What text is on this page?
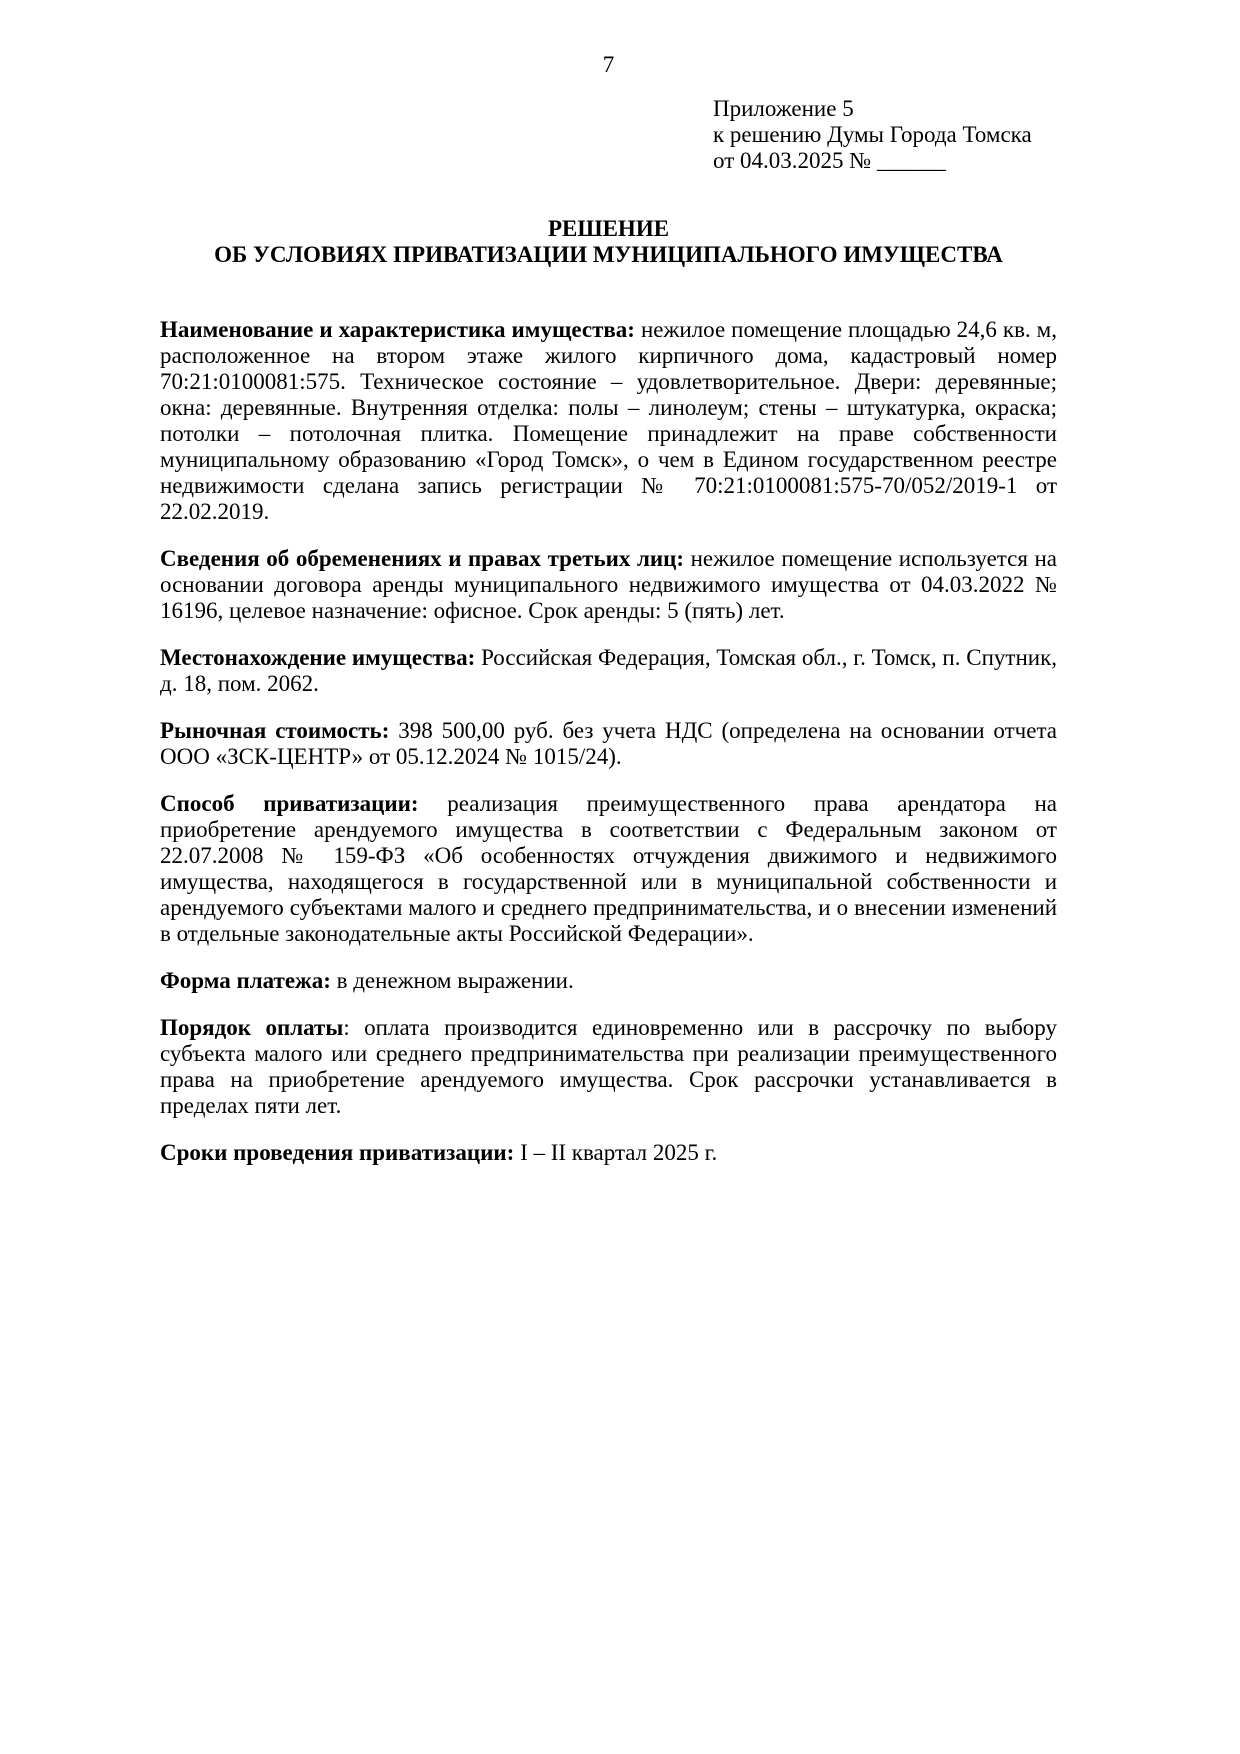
7
Приложение 5
к решению Думы Города Томска
от 04.03.2025 № ______
РЕШЕНИЕ
ОБ УСЛОВИЯХ ПРИВАТИЗАЦИИ МУНИЦИПАЛЬНОГО ИМУЩЕСТВА

Наименование и характеристика имущества: нежилое помещение площадью 24,6 кв. м, расположенное на втором этаже жилого кирпичного дома, кадастровый номер 70:21:0100081:575. Техническое состояние – удовлетворительное. Двери: деревянные; окна: деревянные. Внутренняя отделка: полы – линолеум; стены – штукатурка, окраска; потолки – потолочная плитка. Помещение принадлежит на праве собственности муниципальному образованию «Город Томск», о чем в Едином государственном реестре недвижимости сделана запись регистрации № 70:21:0100081:575-70/052/2019-1 от 22.02.2019.

Сведения об обременениях и правах третьих лиц: нежилое помещение используется на основании договора аренды муниципального недвижимого имущества от 04.03.2022 № 16196, целевое назначение: офисное. Срок аренды: 5 (пять) лет.

Местонахождение имущества: Российская Федерация, Томская обл., г. Томск, п. Спутник, д. 18, пом. 2062.

Рыночная стоимость: 398 500,00 руб. без учета НДС (определена на основании отчета ООО «ЗСК-ЦЕНТР» от 05.12.2024 № 1015/24).

Способ приватизации: реализация преимущественного права арендатора на приобретение арендуемого имущества в соответствии с Федеральным законом от 22.07.2008 № 159-ФЗ «Об особенностях отчуждения движимого и недвижимого имущества, находящегося в государственной или в муниципальной собственности и арендуемого субъектами малого и среднего предпринимательства, и о внесении изменений в отдельные законодательные акты Российской Федерации».

Форма платежа: в денежном выражении.

Порядок оплаты: оплата производится единовременно или в рассрочку по выбору субъекта малого или среднего предпринимательства при реализации преимущественного права на приобретение арендуемого имущества. Срок рассрочки устанавливается в пределах пяти лет.

Сроки проведения приватизации: I – II квартал 2025 г.
